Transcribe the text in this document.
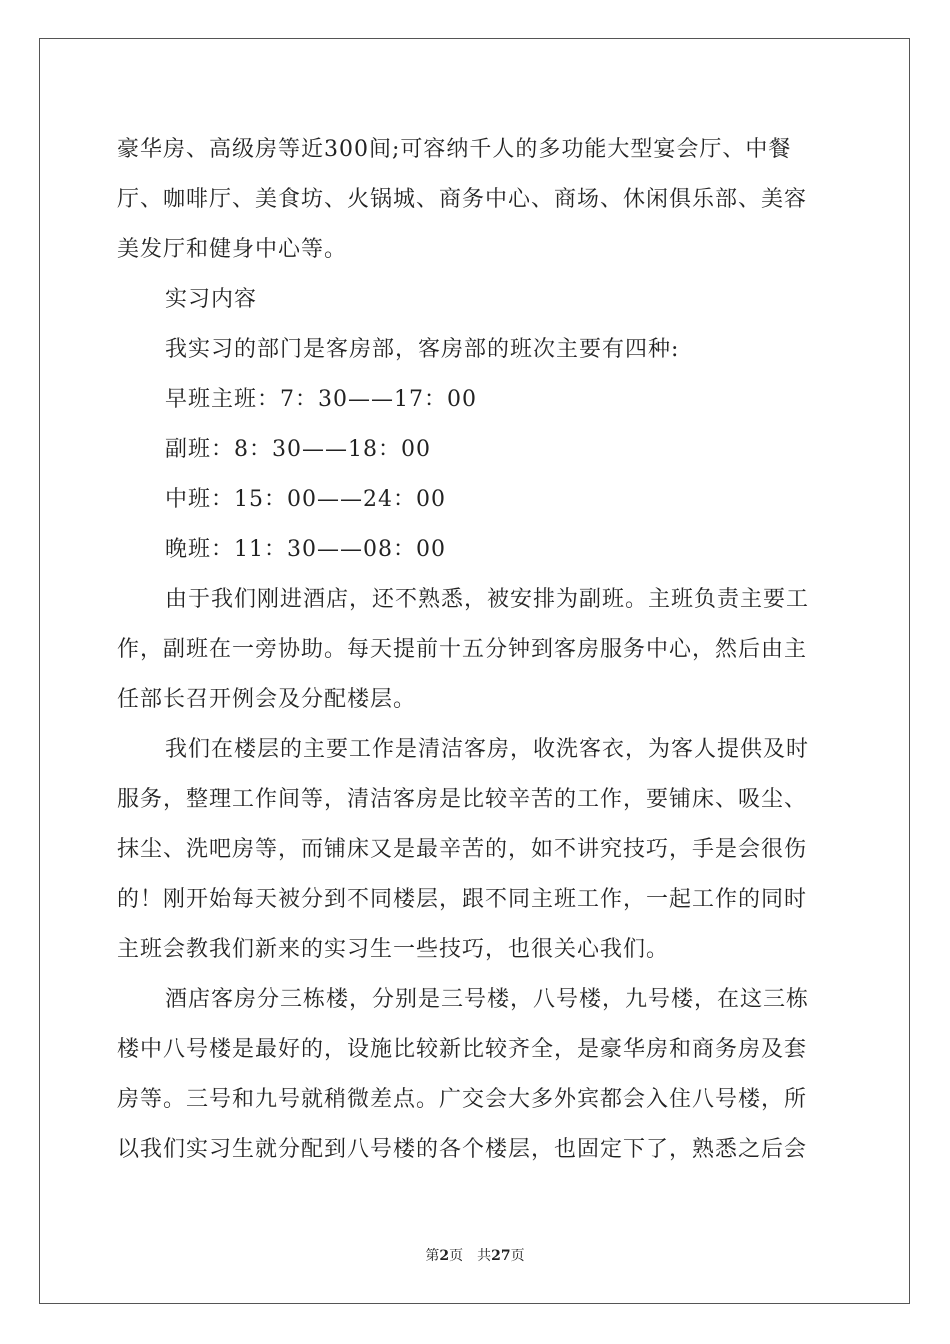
豪华房、高级房等近300间;可容纳千人的多功能大型宴会厅、中餐
厅、咖啡厅、美食坊、火锅城、商务中心、商场、休闲俱乐部、美容
美发厅和健身中心等。
实习内容
我实习的部门是客房部，客房部的班次主要有四种:
早班主班：7：30——17：00
副班：8：30——18：00
中班：15：00——24：00
晚班：11：30——08：00
由于我们刚进酒店，还不熟悉，被安排为副班。主班负责主要工
作，副班在一旁协助。每天提前十五分钟到客房服务中心，然后由主
任部长召开例会及分配楼层。
我们在楼层的主要工作是清洁客房，收洗客衣，为客人提供及时
服务，整理工作间等，清洁客房是比较辛苦的工作，要铺床、吸尘、
抹尘、洗吧房等，而铺床又是最辛苦的，如不讲究技巧，手是会很伤
的！刚开始每天被分到不同楼层，跟不同主班工作，一起工作的同时
主班会教我们新来的实习生一些技巧，也很关心我们。
酒店客房分三栋楼，分别是三号楼，八号楼，九号楼，在这三栋
楼中八号楼是最好的，设施比较新比较齐全，是豪华房和商务房及套
房等。三号和九号就稍微差点。广交会大多外宾都会入住八号楼，所
以我们实习生就分配到八号楼的各个楼层，也固定下了，熟悉之后会
第2页 共27页
